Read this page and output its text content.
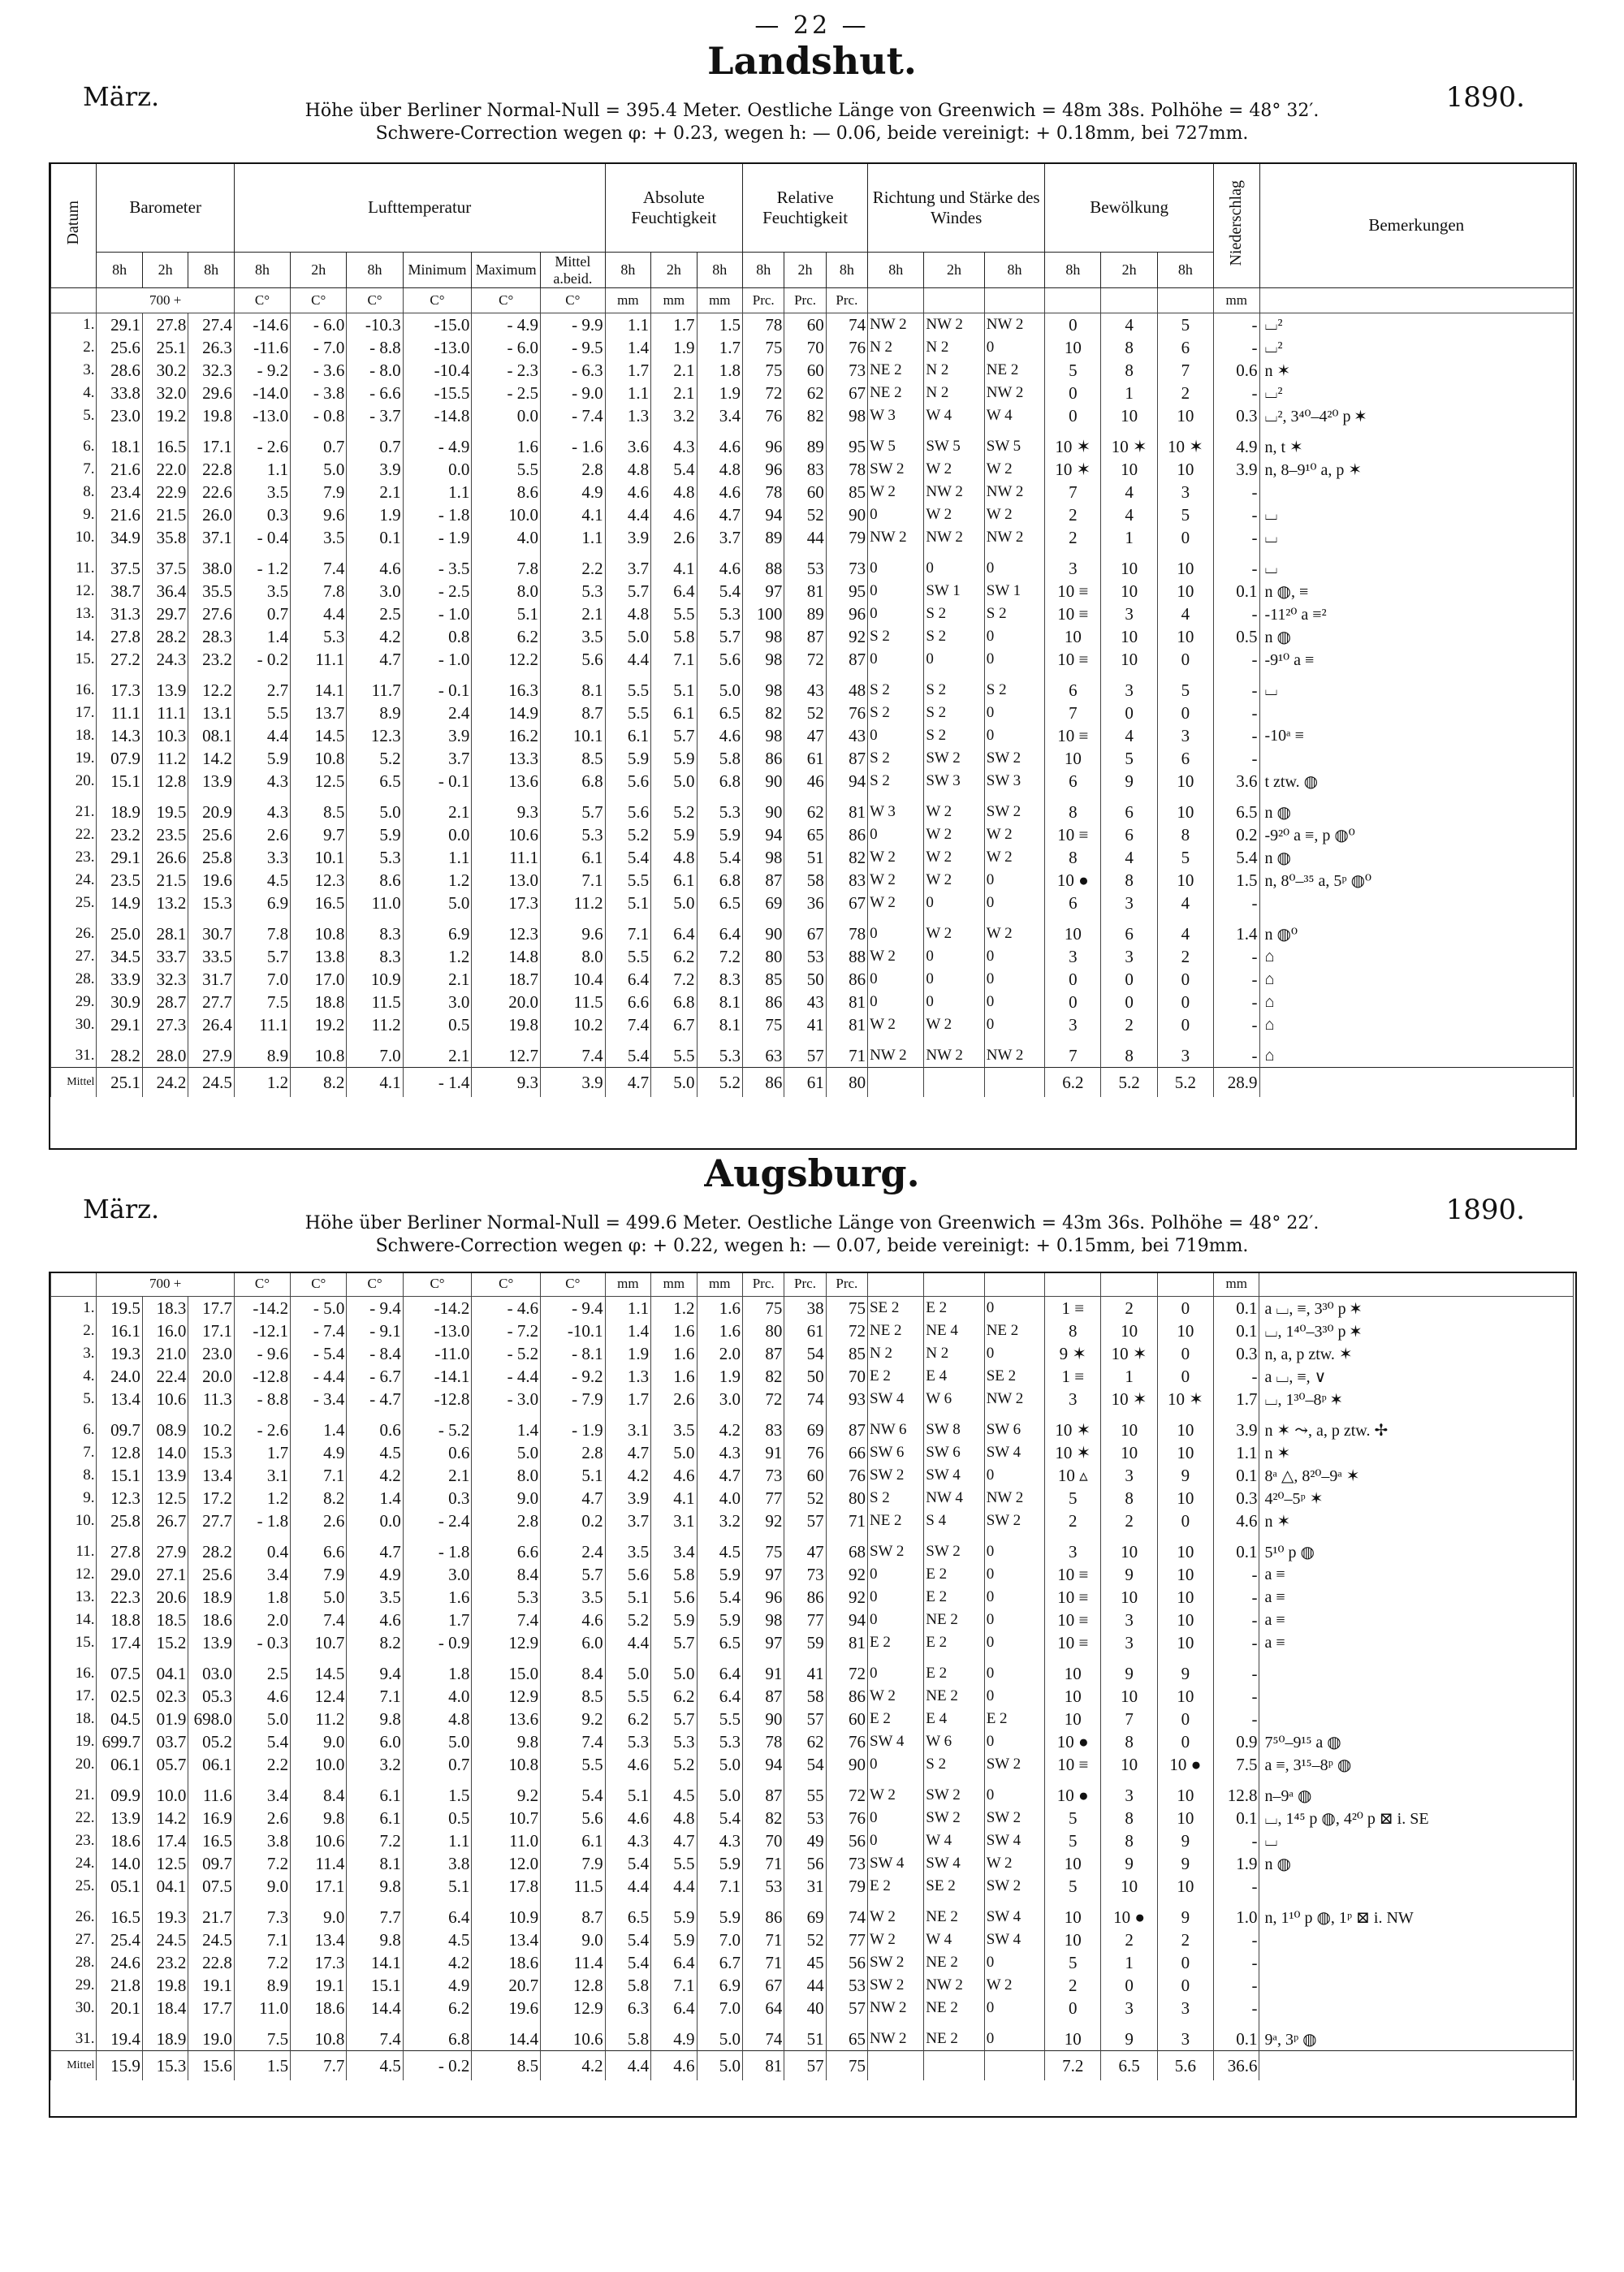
— 22 —
Landshut.
März.	1890.
Höhe über Berliner Normal-Null = 395.4 Meter. Oestliche Länge von Greenwich = 48m 38s. Polhöhe = 48° 32′.
Schwere-Correction wegen φ: + 0.23, wegen h: — 0.06, beide vereinigt: + 0.18mm, bei 727mm.
Datum	Barometer			Lufttemperatur						Absolute Feuchtigkeit			Relative Feuchtigkeit			Richtung und Stärke des Windes			Bewölkung			Niederschlag	Bemerkungen
	8h	2h	8h	8h	2h	8h	Minimum	Maximum	Mittel a.beid.	8h	2h	8h	8h	2h	8h	8h	2h	8h	8h	2h	8h		
	700 +			C°	C°	C°	C°	C°	C°	mm	mm	mm	Prc.	Prc.	Prc.							mm	
1.	29.1	27.8	27.4	-14.6	- 6.0	-10.3	-15.0	- 4.9	- 9.9	1.1	1.7	1.5	78	60	74	NW 2	NW 2	NW 2	0	4	5	-	⌴²
2.	25.6	25.1	26.3	-11.6	- 7.0	- 8.8	-13.0	- 6.0	- 9.5	1.4	1.9	1.7	75	70	76	N 2	N 2	0	10	8	6	-	⌴²
3.	28.6	30.2	32.3	- 9.2	- 3.6	- 8.0	-10.4	- 2.3	- 6.3	1.7	2.1	1.8	75	60	73	NE 2	N 2	NE 2	5	8	7	0.6	n ✶
4.	33.8	32.0	29.6	-14.0	- 3.8	- 6.6	-15.5	- 2.5	- 9.0	1.1	2.1	1.9	72	62	67	NE 2	N 2	NW 2	0	1	2	-	⌴²
5.	23.0	19.2	19.8	-13.0	- 0.8	- 3.7	-14.8	0.0	- 7.4	1.3	3.2	3.4	76	82	98	W 3	W 4	W 4	0	10	10	0.3	⌴², 3⁴⁰–4²⁰ p ✶
6.	18.1	16.5	17.1	- 2.6	0.7	0.7	- 4.9	1.6	- 1.6	3.6	4.3	4.6	96	89	95	W 5	SW 5	SW 5	10 ✶	10 ✶	10 ✶	4.9	n, t ✶
7.	21.6	22.0	22.8	1.1	5.0	3.9	0.0	5.5	2.8	4.8	5.4	4.8	96	83	78	SW 2	W 2	W 2	10 ✶	10	10	3.9	n, 8–9¹⁰ a, p ✶
8.	23.4	22.9	22.6	3.5	7.9	2.1	1.1	8.6	4.9	4.6	4.8	4.6	78	60	85	W 2	NW 2	NW 2	7	4	3	-	
9.	21.6	21.5	26.0	0.3	9.6	1.9	- 1.8	10.0	4.1	4.4	4.6	4.7	94	52	90	0	W 2	W 2	2	4	5	-	⌴
10.	34.9	35.8	37.1	- 0.4	3.5	0.1	- 1.9	4.0	1.1	3.9	2.6	3.7	89	44	79	NW 2	NW 2	NW 2	2	1	0	-	⌴
11.	37.5	37.5	38.0	- 1.2	7.4	4.6	- 3.5	7.8	2.2	3.7	4.1	4.6	88	53	73	0	0	0	3	10	10	-	⌴
12.	38.7	36.4	35.5	3.5	7.8	3.0	- 2.5	8.0	5.3	5.7	6.4	5.4	97	81	95	0	SW 1	SW 1	10 ≡	10	10	0.1	n ◍, ≡
13.	31.3	29.7	27.6	0.7	4.4	2.5	- 1.0	5.1	2.1	4.8	5.5	5.3	100	89	96	0	S 2	S 2	10 ≡	3	4	-	-11²⁰ a ≡²
14.	27.8	28.2	28.3	1.4	5.3	4.2	0.8	6.2	3.5	5.0	5.8	5.7	98	87	92	S 2	S 2	0	10	10	10	0.5	n ◍
15.	27.2	24.3	23.2	- 0.2	11.1	4.7	- 1.0	12.2	5.6	4.4	7.1	5.6	98	72	87	0	0	0	10 ≡	10	0	-	-9¹⁰ a ≡
16.	17.3	13.9	12.2	2.7	14.1	11.7	- 0.1	16.3	8.1	5.5	5.1	5.0	98	43	48	S 2	S 2	S 2	6	3	5	-	⌴
17.	11.1	11.1	13.1	5.5	13.7	8.9	2.4	14.9	8.7	5.5	6.1	6.5	82	52	76	S 2	S 2	0	7	0	0	-	
18.	14.3	10.3	08.1	4.4	14.5	12.3	3.9	16.2	10.1	6.1	5.7	4.6	98	47	43	0	S 2	0	10 ≡	4	3	-	-10ᵃ ≡
19.	07.9	11.2	14.2	5.9	10.8	5.2	3.7	13.3	8.5	5.9	5.9	5.8	86	61	87	S 2	SW 2	SW 2	10	5	6	-	
20.	15.1	12.8	13.9	4.3	12.5	6.5	- 0.1	13.6	6.8	5.6	5.0	6.8	90	46	94	S 2	SW 3	SW 3	6	9	10	3.6	t ztw. ◍
21.	18.9	19.5	20.9	4.3	8.5	5.0	2.1	9.3	5.7	5.6	5.2	5.3	90	62	81	W 3	W 2	SW 2	8	6	10	6.5	n ◍
22.	23.2	23.5	25.6	2.6	9.7	5.9	0.0	10.6	5.3	5.2	5.9	5.9	94	65	86	0	W 2	W 2	10 ≡	6	8	0.2	-9²⁰ a ≡, p ◍⁰
23.	29.1	26.6	25.8	3.3	10.1	5.3	1.1	11.1	6.1	5.4	4.8	5.4	98	51	82	W 2	W 2	W 2	8	4	5	5.4	n ◍
24.	23.5	21.5	19.6	4.5	12.3	8.6	1.2	13.0	7.1	5.5	6.1	6.8	87	58	83	W 2	W 2	0	10 ●	8	10	1.5	n, 8⁰–³⁵ a, 5ᵖ ◍⁰
25.	14.9	13.2	15.3	6.9	16.5	11.0	5.0	17.3	11.2	5.1	5.0	6.5	69	36	67	W 2	0	0	6	3	4	-	
26.	25.0	28.1	30.7	7.8	10.8	8.3	6.9	12.3	9.6	7.1	6.4	6.4	90	67	78	0	W 2	W 2	10	6	4	1.4	n ◍⁰
27.	34.5	33.7	33.5	5.7	13.8	8.3	1.2	14.8	8.0	5.5	6.2	7.2	80	53	88	W 2	0	0	3	3	2	-	⌂
28.	33.9	32.3	31.7	7.0	17.0	10.9	2.1	18.7	10.4	6.4	7.2	8.3	85	50	86	0	0	0	0	0	0	-	⌂
29.	30.9	28.7	27.7	7.5	18.8	11.5	3.0	20.0	11.5	6.6	6.8	8.1	86	43	81	0	0	0	0	0	0	-	⌂
30.	29.1	27.3	26.4	11.1	19.2	11.2	0.5	19.8	10.2	7.4	6.7	8.1	75	41	81	W 2	W 2	0	3	2	0	-	⌂
31.	28.2	28.0	27.9	8.9	10.8	7.0	2.1	12.7	7.4	5.4	5.5	5.3	63	57	71	NW 2	NW 2	NW 2	7	8	3	-	⌂
Mittel	25.1	24.2	24.5	1.2	8.2	4.1	- 1.4	9.3	3.9	4.7	5.0	5.2	86	61	80				6.2	5.2	5.2	28.9	
Augsburg.
März.	1890.
Höhe über Berliner Normal-Null = 499.6 Meter. Oestliche Länge von Greenwich = 43m 36s. Polhöhe = 48° 22′.
Schwere-Correction wegen φ: + 0.22, wegen h: — 0.07, beide vereinigt: + 0.15mm, bei 719mm.
	700 +			C°	C°	C°	C°	C°	C°	mm	mm	mm	Prc.	Prc.	Prc.							mm	
1.	19.5	18.3	17.7	-14.2	- 5.0	- 9.4	-14.2	- 4.6	- 9.4	1.1	1.2	1.6	75	38	75	SE 2	E 2	0	1 ≡	2	0	0.1	a ⌴, ≡, 3³⁰ p ✶
2.	16.1	16.0	17.1	-12.1	- 7.4	- 9.1	-13.0	- 7.2	-10.1	1.4	1.6	1.6	80	61	72	NE 2	NE 4	NE 2	8	10	10	0.1	⌴, 1⁴⁰–3³⁰ p ✶
3.	19.3	21.0	23.0	- 9.6	- 5.4	- 8.4	-11.0	- 5.2	- 8.1	1.9	1.6	2.0	87	54	85	N 2	N 2	0	9 ✶	10 ✶	0	0.3	n, a, p ztw. ✶
4.	24.0	22.4	20.0	-12.8	- 4.4	- 6.7	-14.1	- 4.4	- 9.2	1.3	1.6	1.9	82	50	70	E 2	E 4	SE 2	1 ≡	1	0	-	a ⌴, ≡, ∨
5.	13.4	10.6	11.3	- 8.8	- 3.4	- 4.7	-12.8	- 3.0	- 7.9	1.7	2.6	3.0	72	74	93	SW 4	W 6	NW 2	3	10 ✶	10 ✶	1.7	⌴, 1³⁰–8ᵖ ✶
6.	09.7	08.9	10.2	- 2.6	1.4	0.6	- 5.2	1.4	- 1.9	3.1	3.5	4.2	83	69	87	NW 6	SW 8	SW 6	10 ✶	10	10	3.9	n ✶ ⤳, a, p ztw. ✢
7.	12.8	14.0	15.3	1.7	4.9	4.5	0.6	5.0	2.8	4.7	5.0	4.3	91	76	66	SW 6	SW 6	SW 4	10 ✶	10	10	1.1	n ✶
8.	15.1	13.9	13.4	3.1	7.1	4.2	2.1	8.0	5.1	4.2	4.6	4.7	73	60	76	SW 2	SW 4	0	10 ▵	3	9	0.1	8ᵃ △, 8²⁰–9ᵃ ✶
9.	12.3	12.5	17.2	1.2	8.2	1.4	0.3	9.0	4.7	3.9	4.1	4.0	77	52	80	S 2	NW 4	NW 2	5	8	10	0.3	4²⁰–5ᵖ ✶
10.	25.8	26.7	27.7	- 1.8	2.6	0.0	- 2.4	2.8	0.2	3.7	3.1	3.2	92	57	71	NE 2	S 4	SW 2	2	2	0	4.6	n ✶
11.	27.8	27.9	28.2	0.4	6.6	4.7	- 1.8	6.6	2.4	3.5	3.4	4.5	75	47	68	SW 2	SW 2	0	3	10	10	0.1	5¹⁰ p ◍
12.	29.0	27.1	25.6	3.4	7.9	4.9	3.0	8.4	5.7	5.6	5.8	5.9	97	73	92	0	E 2	0	10 ≡	9	10	-	a ≡
13.	22.3	20.6	18.9	1.8	5.0	3.5	1.6	5.3	3.5	5.1	5.6	5.4	96	86	92	0	E 2	0	10 ≡	10	10	-	a ≡
14.	18.8	18.5	18.6	2.0	7.4	4.6	1.7	7.4	4.6	5.2	5.9	5.9	98	77	94	0	NE 2	0	10 ≡	3	10	-	a ≡
15.	17.4	15.2	13.9	- 0.3	10.7	8.2	- 0.9	12.9	6.0	4.4	5.7	6.5	97	59	81	E 2	E 2	0	10 ≡	3	10	-	a ≡
16.	07.5	04.1	03.0	2.5	14.5	9.4	1.8	15.0	8.4	5.0	5.0	6.4	91	41	72	0	E 2	0	10	9	9	-	
17.	02.5	02.3	05.3	4.6	12.4	7.1	4.0	12.9	8.5	5.5	6.2	6.4	87	58	86	W 2	NE 2	0	10	10	10	-	
18.	04.5	01.9	698.0	5.0	11.2	9.8	4.8	13.6	9.2	6.2	5.7	5.5	90	57	60	E 2	E 4	E 2	10	7	0	-	
19.	699.7	03.7	05.2	5.4	9.0	6.0	5.0	9.8	7.4	5.3	5.3	5.3	78	62	76	SW 4	W 6	0	10 ●	8	0	0.9	7⁵⁰–9¹⁵ a ◍
20.	06.1	05.7	06.1	2.2	10.0	3.2	0.7	10.8	5.5	4.6	5.2	5.0	94	54	90	0	S 2	SW 2	10 ≡	10	10 ●	7.5	a ≡, 3¹⁵–8ᵖ ◍
21.	09.9	10.0	11.6	3.4	8.4	6.1	1.5	9.2	5.4	5.1	4.5	5.0	87	55	72	W 2	SW 2	0	10 ●	3	10	12.8	n–9ᵃ ◍
22.	13.9	14.2	16.9	2.6	9.8	6.1	0.5	10.7	5.6	4.6	4.8	5.4	82	53	76	0	SW 2	SW 2	5	8	10	0.1	⌴, 1⁴⁵ p ◍, 4²⁰ p ⊠ i. SE
23.	18.6	17.4	16.5	3.8	10.6	7.2	1.1	11.0	6.1	4.3	4.7	4.3	70	49	56	0	W 4	SW 4	5	8	9	-	⌴
24.	14.0	12.5	09.7	7.2	11.4	8.1	3.8	12.0	7.9	5.4	5.5	5.9	71	56	73	SW 4	SW 4	W 2	10	9	9	1.9	n ◍
25.	05.1	04.1	07.5	9.0	17.1	9.8	5.1	17.8	11.5	4.4	4.4	7.1	53	31	79	E 2	SE 2	SW 2	5	10	10	-	
26.	16.5	19.3	21.7	7.3	9.0	7.7	6.4	10.9	8.7	6.5	5.9	5.9	86	69	74	W 2	NE 2	SW 4	10	10 ●	9	1.0	n, 1¹⁰ p ◍, 1ᵖ ⊠ i. NW
27.	25.4	24.5	24.5	7.1	13.4	9.8	4.5	13.4	9.0	5.4	5.9	7.0	71	52	77	W 2	W 4	SW 4	10	2	2	-	
28.	24.6	23.2	22.8	7.2	17.3	14.1	4.2	18.6	11.4	5.4	6.4	6.7	71	45	56	SW 2	NE 2	0	5	1	0	-	
29.	21.8	19.8	19.1	8.9	19.1	15.1	4.9	20.7	12.8	5.8	7.1	6.9	67	44	53	SW 2	NW 2	W 2	2	0	0	-	
30.	20.1	18.4	17.7	11.0	18.6	14.4	6.2	19.6	12.9	6.3	6.4	7.0	64	40	57	NW 2	NE 2	0	0	3	3	-	
31.	19.4	18.9	19.0	7.5	10.8	7.4	6.8	14.4	10.6	5.8	4.9	5.0	74	51	65	NW 2	NE 2	0	10	9	3	0.1	9ᵃ, 3ᵖ ◍
Mittel	15.9	15.3	15.6	1.5	7.7	4.5	- 0.2	8.5	4.2	4.4	4.6	5.0	81	57	75				7.2	6.5	5.6	36.6	
